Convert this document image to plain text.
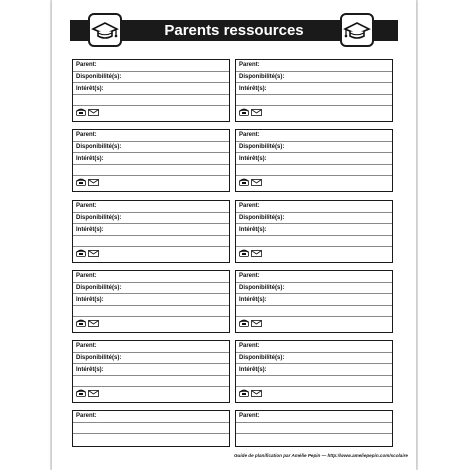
Parents ressources
Parent:
Disponibilité(s):
Intérêt(s):
Parent:
Disponibilité(s):
Intérêt(s):
Parent:
Disponibilité(s):
Intérêt(s):
Parent:
Disponibilité(s):
Intérêt(s):
Parent:
Disponibilité(s):
Intérêt(s):
Parent:
Disponibilité(s):
Intérêt(s):
Parent:
Disponibilité(s):
Intérêt(s):
Parent:
Disponibilité(s):
Intérêt(s):
Parent:
Disponibilité(s):
Intérêt(s):
Parent:
Disponibilité(s):
Intérêt(s):
Parent:	Parent:
Guide de planification par Amélie Pepin — http://www.ameliepepin.com/scolaire
